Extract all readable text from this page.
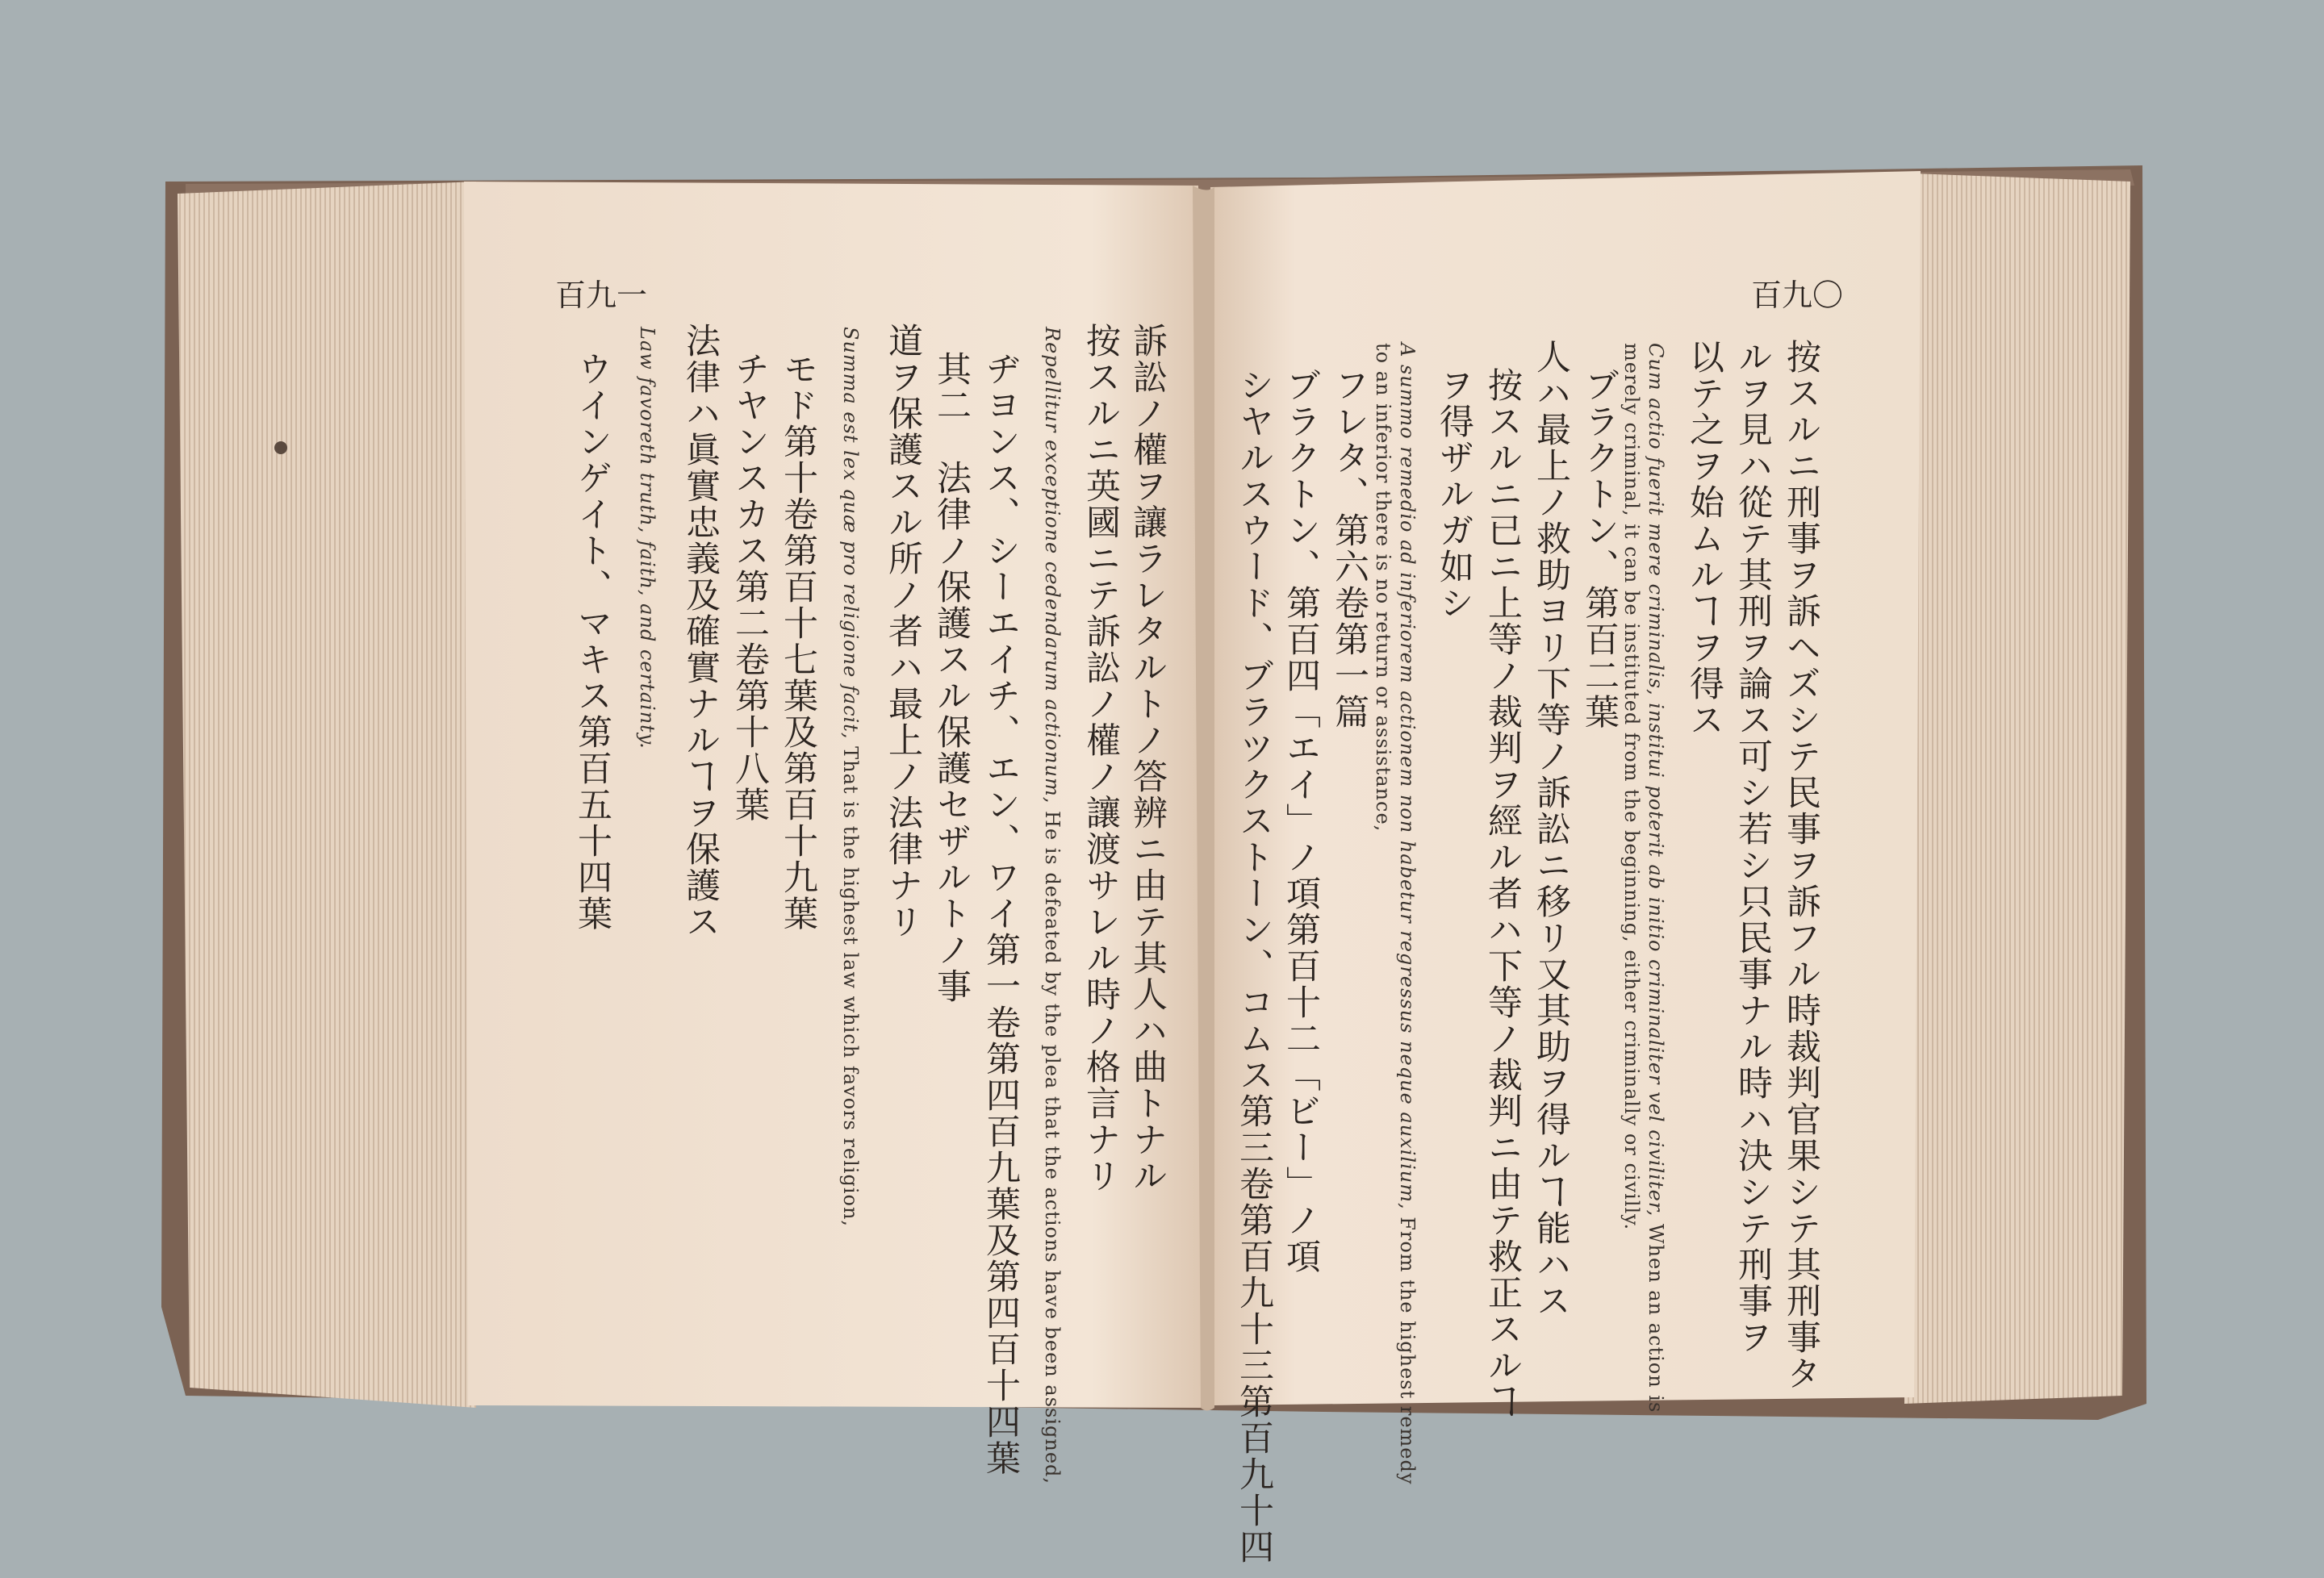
百九一
訴訟ノ權ヲ讓ラレタルトノ答辨ニ由テ其人ハ曲トナル
按スルニ英國ニテ訴訟ノ權ノ讓渡サレル時ノ格言ナリ
Repellitur exceptione cedendarum actionum, He is defeated by the plea that the actions have been assigned,
ヂヨンス、シーエイチ、エン、ワイ第一卷第四百九葉及第四百十四葉
其二　法律ノ保護スル保護セザルトノ事
道ヲ保護スル所ノ者ハ最上ノ法律ナリ
Summa est lex quæ pro religione facit, That is the highest law which favors religion,
モド第十卷第百十七葉及第百十九葉
チヤンスカス第二卷第十八葉
法律ハ眞實忠義及確實ナルヿヲ保護ス
Law favoreth truth, faith, and certainty.
ウインゲイト、マキス第百五十四葉
百九〇
按スルニ刑事ヲ訴ヘズシテ民事ヲ訴フル時裁判官果シテ其刑事タ
ルヲ見ハ從テ其刑ヲ論ス可シ若シ只民事ナル時ハ決シテ刑事ヲ
以テ之ヲ始ムルヿヲ得ス
Cum actio fuerit mere criminalis, institui poterit ab initio criminaliter vel civiliter, When an action is
merely criminal, it can be instituted from the beginning, either criminally or civilly.
ブラクトン、第百二葉
人ハ最上ノ救助ヨリ下等ノ訴訟ニ移リ又其助ヲ得ルヿ能ハス
按スルニ已ニ上等ノ裁判ヲ經ル者ハ下等ノ裁判ニ由テ救正スルヿ
ヲ得ザルガ如シ
A summo remedio ad inferiorem actionem non habetur regressus neque auxilium, From the highest remedy
to an inferior there is no return or assistance,
フレタ、第六卷第一篇
ブラクトン、第百四「エイ」ノ項第百十二「ビー」ノ項
シヤルスウード、ブラツクストーン、コムス第三卷第百九十三第百九十四
